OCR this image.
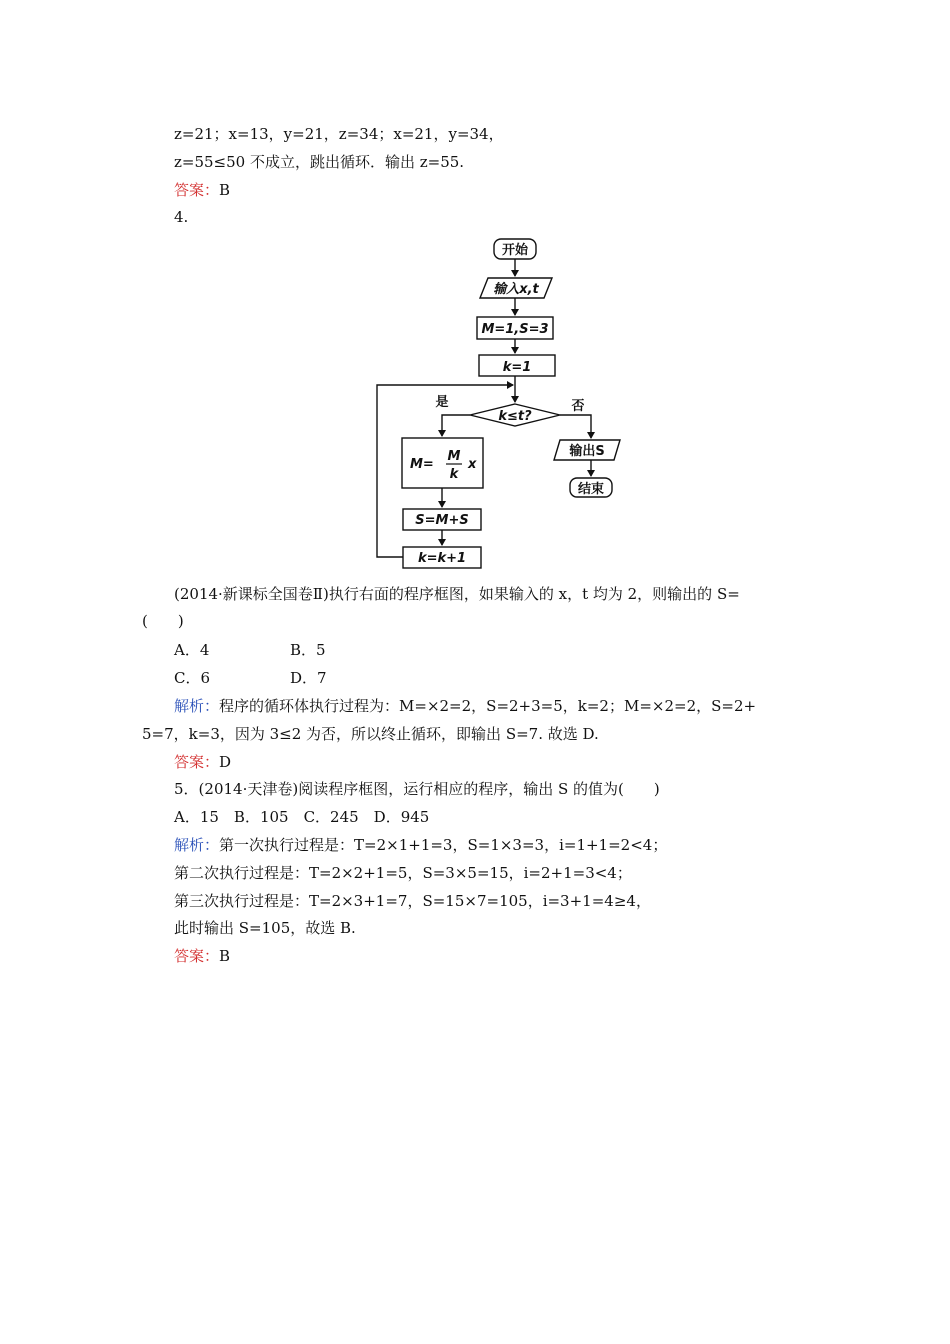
z=21；x=13，y=21，z=34；x=21，y=34，
z=55≤50 不成立，跳出循环．输出 z=55.
答案：B
4.
开始
输入x,t
M=1,S=3
k=1
k≤t?
是	否
输出S
结束
M=
M
k
x
S=M+S
k=k+1
(2014·新课标全国卷Ⅱ)执行右面的程序框图，如果输入的 x，t 均为 2，则输出的 S=
(　　)
A．4	B．5
C．6	D．7
解析：程序的循环体执行过程为：M=×2=2，S=2+3=5，k=2；M=×2=2，S=2+
5=7，k=3，因为 3≤2 为否，所以终止循环，即输出 S=7. 故选 D.
答案：D
5．(2014·天津卷)阅读程序框图，运行相应的程序，输出 S 的值为(　　)
A．15　B．105　C．245　D．945
解析：第一次执行过程是：T=2×1+1=3，S=1×3=3，i=1+1=2<4；
第二次执行过程是：T=2×2+1=5，S=3×5=15，i=2+1=3<4；
第三次执行过程是：T=2×3+1=7，S=15×7=105，i=3+1=4≥4，
此时输出 S=105，故选 B.
答案：B
